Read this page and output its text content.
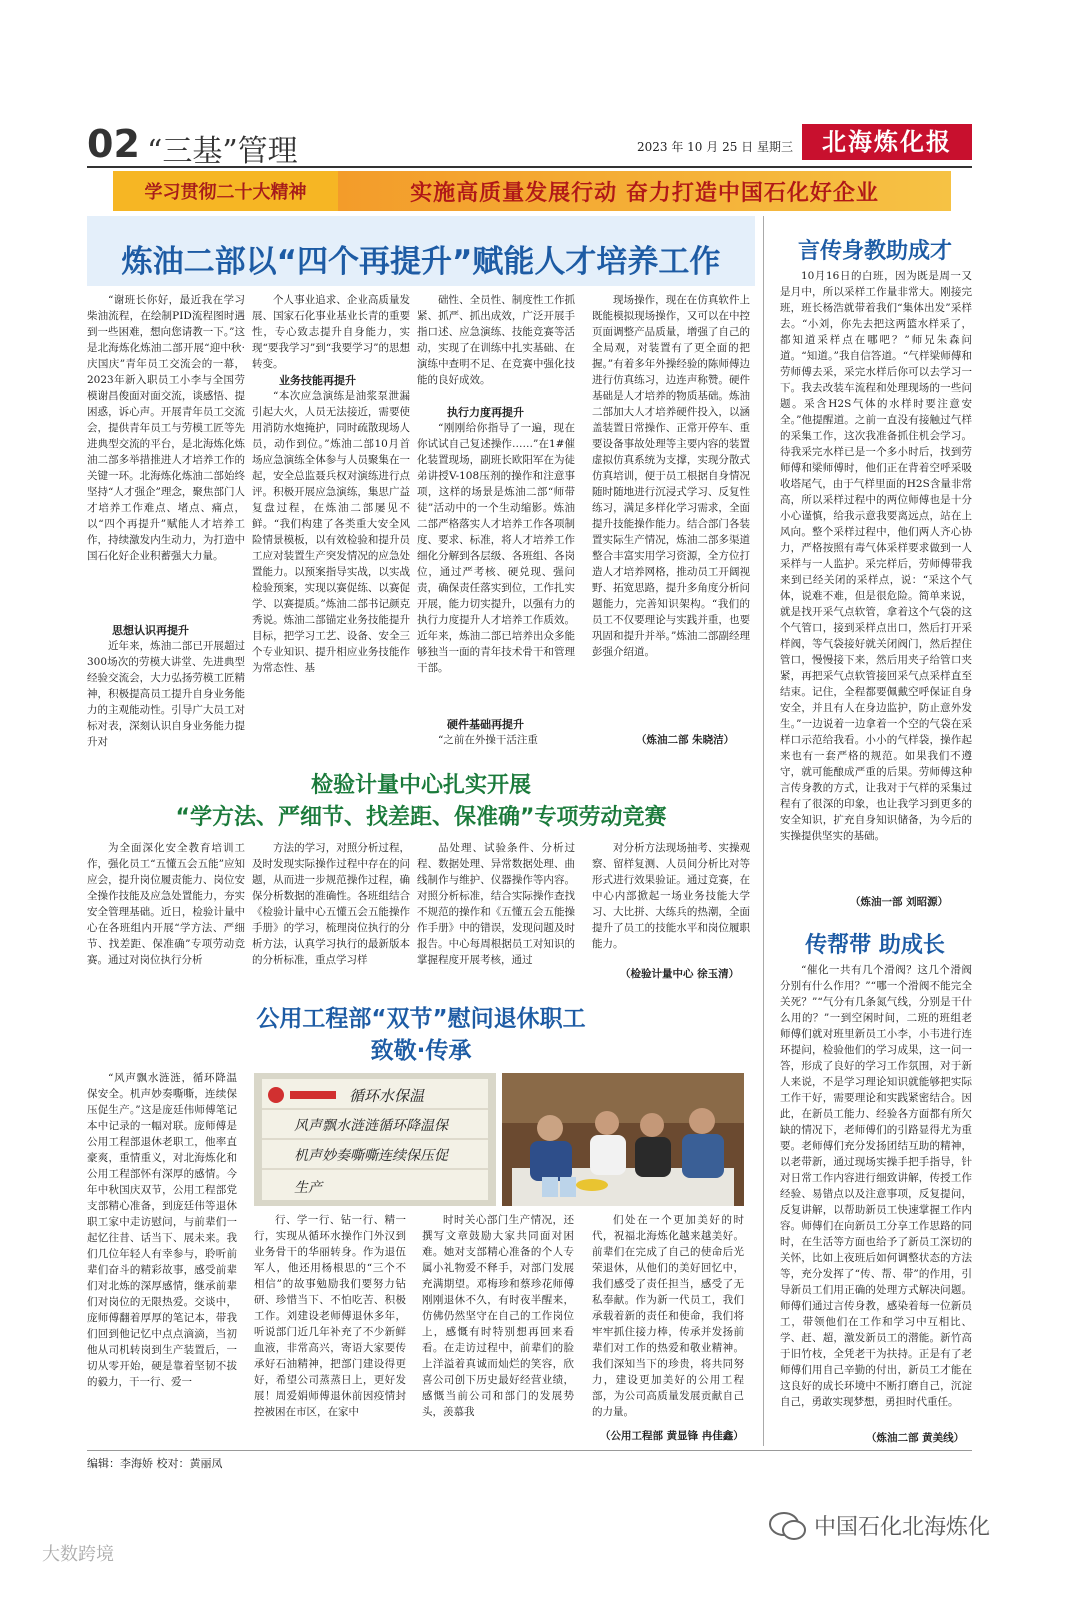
02 “三基”管理	2023 年 10 月 25 日 星期三	北海炼化报
学习贯彻二十大精神	实施高质量发展行动 奋力打造中国石化好企业
炼油二部以“四个再提升”赋能人才培养工作

“谢班长你好，最近我在学习柴油流程，在绘制PID流程图时遇到一些困难，想向您请教一下。”这是北海炼化炼油二部开展“迎中秋·庆国庆”青年员工交流会的一幕，2023年新入职员工小李与全国劳模谢昌俊面对面交流，谈感悟、提困惑，诉心声。开展青年员工交流会，提供青年员工与劳模工匠等先进典型交流的平台，是北海炼化炼油二部多举措推进人才培养工作的关键一环。北海炼化炼油二部始终坚持“人才强企”理念，聚焦部门人才培养工作难点、堵点、痛点，以“四个再提升”赋能人才培养工作，持续激发内生动力，为打造中国石化好企业积蓄强大力量。

思想认识再提升

近年来，炼油二部已开展超过300场次的劳模大讲堂、先进典型经验交流会，大力弘扬劳模工匠精神，积极提高员工提升自身业务能力的主观能动性。引导广大员工对标对表，深刻认识自身业务能力提升对

个人事业追求、企业高质量发展、国家石化事业基业长青的重要性，专心致志提升自身能力，实现“要我学习”到“我要学习”的思想转变。

业务技能再提升

“本次应急演练是油浆泵泄漏引起大火，人员无法接近，需要使用消防水炮掩护，同时疏散现场人员，动作到位。”炼油二部10月首场应急演练全体参与人员聚集在一起，安全总监聂兵权对演练进行点评。积极开展应急演练，集思广益复盘过程，在炼油二部屡见不鲜。“我们构建了各类重大安全风险情景模板，以有效检验和提升员工应对装置生产突发情况的应急处置能力。以预案指导实战，以实战检验预案，实现以赛促练、以赛促学、以赛提质。”炼油二部书记颜克秀说。炼油二部锚定业务技能提升目标，把学习工艺、设备、安全三个专业知识、提升相应业务技能作为常态性、基

础性、全员性、制度性工作抓紧、抓严、抓出成效，广泛开展手指口述、应急演练、技能竞赛等活动，实现了在训练中扎实基础、在演练中查明不足、在竞赛中强化技能的良好成效。

执行力度再提升

“刚刚给你指导了一遍，现在你试试自己复述操作……”在1#催化装置现场，副班长欧阳军在为徒弟讲授V-108压剂的操作和注意事项，这样的场景是炼油二部“师带徒”活动中的一个生动缩影。炼油二部严格落实人才培养工作各项制度、要求、标准，将人才培养工作细化分解到各层级、各班组、各岗位，通过严考核、硬兑现、强问责，确保责任落实到位，工作扎实开展，能力切实提升，以强有力的执行力度提升人才培养工作质效。近年来，炼油二部已培养出众多能够独当一面的青年技术骨干和管理干部。

硬件基础再提升

“之前在外操干活注重

现场操作，现在在仿真软件上既能模拟现场操作，又可以在中控页面调整产品质量，增强了自己的全局观，对装置有了更全面的把握。”有着多年外操经验的陈师傅边进行仿真练习，边连声称赞。硬件基础是人才培养的物质基础。炼油二部加大人才培养硬件投入，以涵盖装置日常操作、正常开停车、重要设备事故处理等主要内容的装置虚拟仿真系统为支撑，实现分散式仿真培训，便于员工根据自身情况随时随地进行沉浸式学习、反复性练习，满足多样化学习需求，全面提升技能操作能力。结合部门各装置实际生产情况，炼油二部多渠道整合丰富实用学习资源，全方位打造人才培养网格，推动员工开阔视野、拓宽思路，提升多角度分析问题能力，完善知识架构。“我们的员工不仅要理论与实践并重，也要巩固和提升并举。”炼油二部副经理彭强介绍道。

（炼油二部 朱晓洁）
检验计量中心扎实开展
“学方法、严细节、找差距、保准确”专项劳动竞赛

为全面深化安全教育培训工作，强化员工“五懂五会五能”应知应会，提升岗位履责能力、岗位安全操作技能及应急处置能力，夯实安全管理基础。近日，检验计量中心在各班组内开展“学方法、严细节、找差距、保准确”专项劳动竞赛。通过对岗位执行分析

方法的学习，对照分析过程，及时发现实际操作过程中存在的问题，从而进一步规范操作过程，确保分析数据的准确性。各班组结合《检验计量中心五懂五会五能操作手册》的学习，梳理岗位执行的分析方法，认真学习执行的最新版本的分析标准，重点学习样

品处理、试验条件、分析过程、数据处理、异常数据处理、曲线制作与维护、仪器操作等内容。对照分析标准，结合实际操作查找不规范的操作和《五懂五会五能操作手册》中的错误，发现问题及时报告。中心每周根据员工对知识的掌握程度开展考核，通过

对分析方法现场抽考、实操观察、留样复测、人员间分析比对等形式进行效果验证。通过竞赛，在中心内部掀起一场业务技能大学习、大比拼、大练兵的热潮，全面提升了员工的技能水平和岗位履职能力。

（检验计量中心 徐玉清）
公用工程部“双节”慰问退休职工
致敬·传承
循环水保温
风声飘水涟涟循环降温保
机声妙奏嘶嘶连续保压促
生产

“风声飘水涟涟，循环降温保安全。机声妙奏嘶嘶，连续保压促生产。”这是庞廷伟师傅笔记本中记录的一幅对联。庞师傅是公用工程部退休老职工，他率直豪爽，重情重义，对北海炼化和公用工程部怀有深厚的感情。今年中秋国庆双节，公用工程部党支部精心准备，到庞廷伟等退休职工家中走访慰问，与前辈们一起忆往昔、话当下、展未来。我们几位年轻人有幸参与，聆听前辈们奋斗的精彩故事，感受前辈们对北炼的深厚感情，继承前辈们对岗位的无限热爱。交谈中，庞师傅翻着厚厚的笔记本，带我们回到他记忆中点点滴滴，当初他从司机转岗到生产装置后，一切从零开始，硬是靠着坚韧不拔的毅力，干一行、爱一

行、学一行、钻一行、精一行，实现从循环水操作门外汉到业务骨干的华丽转身。作为退伍军人，他还用杨根思的“三个不相信”的故事勉励我们要努力钻研、珍惜当下、不怕吃苦、积极工作。刘建设老师傅退休多年，听说部门近几年补充了不少新鲜血液，非常高兴，寄语大家要传承好石油精神，把部门建设得更好，希望公司蒸蒸日上，更好发展！周爱娟师傅退休前因疫情封控被困在市区，在家中

时时关心部门生产情况，还撰写文章鼓励大家共同面对困难。她对支部精心准备的个人专属小礼物爱不释手，对部门发展充满期望。邓梅珍和蔡珍花师傅刚刚退休不久，有时夜半醒来，仿佛仍然坚守在自己的工作岗位上，感慨有时特别想再回来看看。在走访过程中，前辈们的脸上洋溢着真诚而灿烂的笑容，欣喜公司创下历史最好经营业绩，感慨当前公司和部门的发展势头，羡慕我

们处在一个更加美好的时代，祝福北海炼化越来越美好。前辈们在完成了自己的使命后光荣退休，从他们的美好回忆中，我们感受了责任担当，感受了无私奉献。作为新一代员工，我们承载着新的责任和使命，我们将牢牢抓住接力棒，传承并发扬前辈们对工作的热爱和敬业精神。我们深知当下的珍贵，将共同努力，建设更加美好的公用工程部，为公司高质量发展贡献自己的力量。

（公用工程部 黄显锋 冉佳鑫）
言传身教助成才

10月16日的白班，因为既是周一又是月中，所以采样工作量非常大。刚接完班，班长杨浩就带着我们“集体出发”采样去。“小刘，你先去把这两篮水样采了，都知道采样点在哪吧？”师兄朱森问道。“知道。”我自信答道。“气样梁师傅和劳师傅去采，采完水样后你可以去学习一下。我去改装车流程和处理现场的一些问题。采含H2S气体的水样时要注意安全。”他提醒道。之前一直没有接触过气样的采集工作，这次我准备抓住机会学习。待我采完水样已是一个多小时后，找到劳师傅和梁师傅时，他们正在背着空呼采吸收塔尾气，由于气样里面的H2S含量非常高，所以采样过程中的两位师傅也是十分小心谨慎，给我示意我要离远点，站在上风向。整个采样过程中，他们两人齐心协力，严格按照有毒气体采样要求做到一人采样与一人监护。采完样后，劳师傅带我来到已经关闭的采样点，说：“采这个气体，说难不难，但是很危险。简单来说，就是找开采气点软管，拿着这个气袋的这个气管口，接到采样点出口，然后打开采样阀，等气袋接好就关闭阀门，然后捏住管口，慢慢接下来，然后用夹子给管口夹紧，再把采气点软管接回采气点采样直至结束。记住，全程都要佩戴空呼保证自身安全，并且有人在身边监护，防止意外发生。”一边说着一边拿着一个空的气袋在采样口示范给我看。小小的气样袋，操作起来也有一套严格的规范。如果我们不遵守，就可能酿成严重的后果。劳师傅这种言传身教的方式，让我对于气样的采集过程有了很深的印象，也让我学习到更多的安全知识，扩充自身知识储备，为今后的实操提供坚实的基础。

（炼油一部 刘昭源）
传帮带 助成长

“催化一共有几个滑阀？这几个滑阀分别有什么作用？”“哪一个滑阀不能完全关死？”“气分有几条氮气线，分别是干什么用的？”一到空闲时间，二班的班组老师傅们就对班里新员工小李，小韦进行连环提问，检验他们的学习成果，这一问一答，形成了良好的学习工作氛围，对于新人来说，不是学习理论知识就能够把实际工作干好，需要理论和实践紧密结合。因此，在新员工能力、经验各方面都有所欠缺的情况下，老师傅们的引路显得尤为重要。老师傅们充分发扬团结互助的精神，以老带新，通过现场实操手把手指导，针对日常工作内容进行细致讲解，传授工作经验、易错点以及注意事项，反复提问，反复讲解，以帮助新员工快速掌握工作内容。师傅们在向新员工分享工作思路的同时，在生活等方面也给予了新员工深切的关怀，比如上夜班后如何调整状态的方法等，充分发挥了“传、帮、带”的作用，引导新员工们用正确的处理方式解决问题。师傅们通过言传身教，感染着每一位新员工，带领他们在工作和学习中互相比、学、赶、超，激发新员工的潜能。新竹高于旧竹枝，全凭老干为扶持。正是有了老师傅们用自己辛勤的付出，新员工才能在这良好的成长环境中不断打磨自己，沉淀自己，勇敢实现梦想，勇担时代重任。

（炼油二部 黄美线）
编辑：李海娇 校对：黄丽凤
中国石化北海炼化
大数跨境
